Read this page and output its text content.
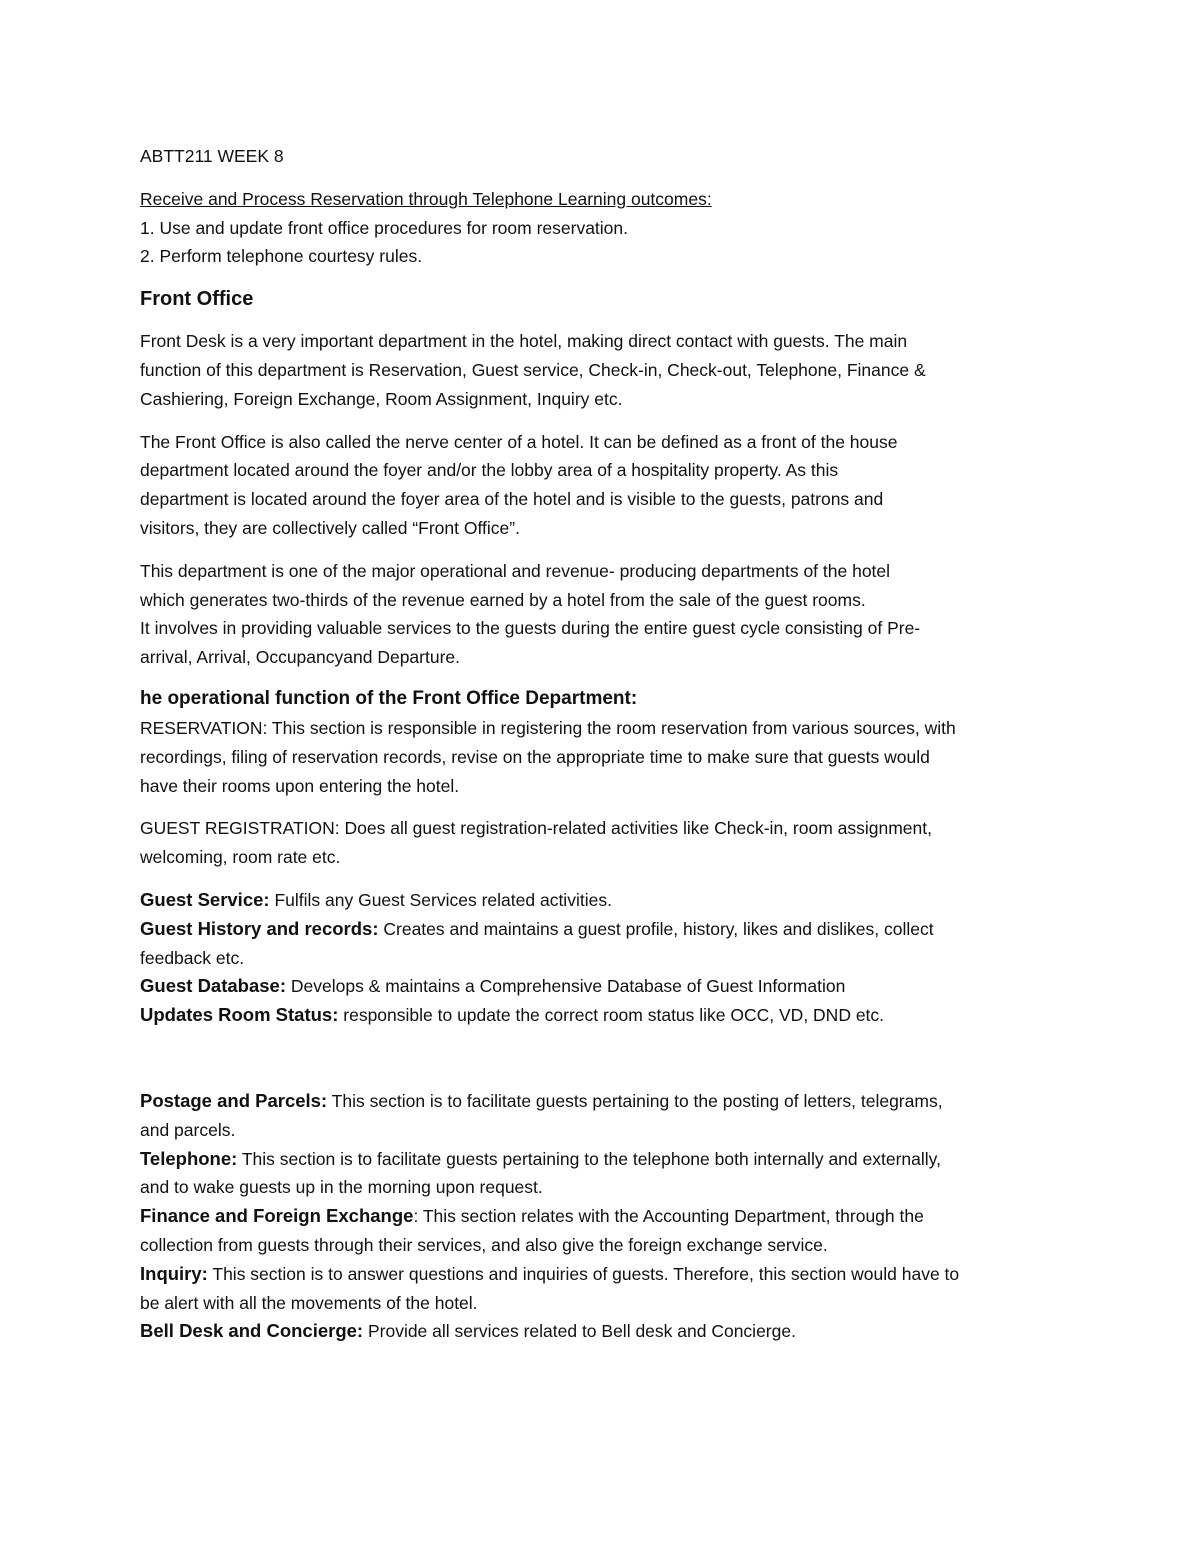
ABTT211 WEEK 8

Receive and Process Reservation through Telephone Learning outcomes:

1. Use and update front office procedures for room reservation.

2. Perform telephone courtesy rules.

Front Office

Front Desk is a very important department in the hotel, making direct contact with guests. The main

function of this department is Reservation, Guest service, Check-in, Check-out, Telephone, Finance &

Cashiering, Foreign Exchange, Room Assignment, Inquiry etc.

The Front Office is also called the nerve center of a hotel. It can be defined as a front of the house

department located around the foyer and/or the lobby area of a hospitality property. As this

department is located around the foyer area of the hotel and is visible to the guests, patrons and

visitors, they are collectively called “Front Office”.

This department is one of the major operational and revenue- producing departments of the hotel

which generates two-thirds of the revenue earned by a hotel from the sale of the guest rooms.

It involves in providing valuable services to the guests during the entire guest cycle consisting of Pre-

arrival, Arrival, Occupancyand Departure.

he operational function of the Front Office Department:

RESERVATION: This section is responsible in registering the room reservation from various sources, with

recordings, filing of reservation records, revise on the appropriate time to make sure that guests would

have their rooms upon entering the hotel.

GUEST REGISTRATION: Does all guest registration-related activities like Check-in, room assignment,

welcoming, room rate etc.

Guest Service: Fulfils any Guest Services related activities.

Guest History and records: Creates and maintains a guest profile, history, likes and dislikes, collect

feedback etc.

Guest Database: Develops & maintains a Comprehensive Database of Guest Information

Updates Room Status: responsible to update the correct room status like OCC, VD, DND etc.

Postage and Parcels: This section is to facilitate guests pertaining to the posting of letters, telegrams,

and parcels.

Telephone: This section is to facilitate guests pertaining to the telephone both internally and externally,

and to wake guests up in the morning upon request.

Finance and Foreign Exchange: This section relates with the Accounting Department, through the

collection from guests through their services, and also give the foreign exchange service.

Inquiry: This section is to answer questions and inquiries of guests. Therefore, this section would have to

be alert with all the movements of the hotel.

Bell Desk and Concierge: Provide all services related to Bell desk and Concierge.
